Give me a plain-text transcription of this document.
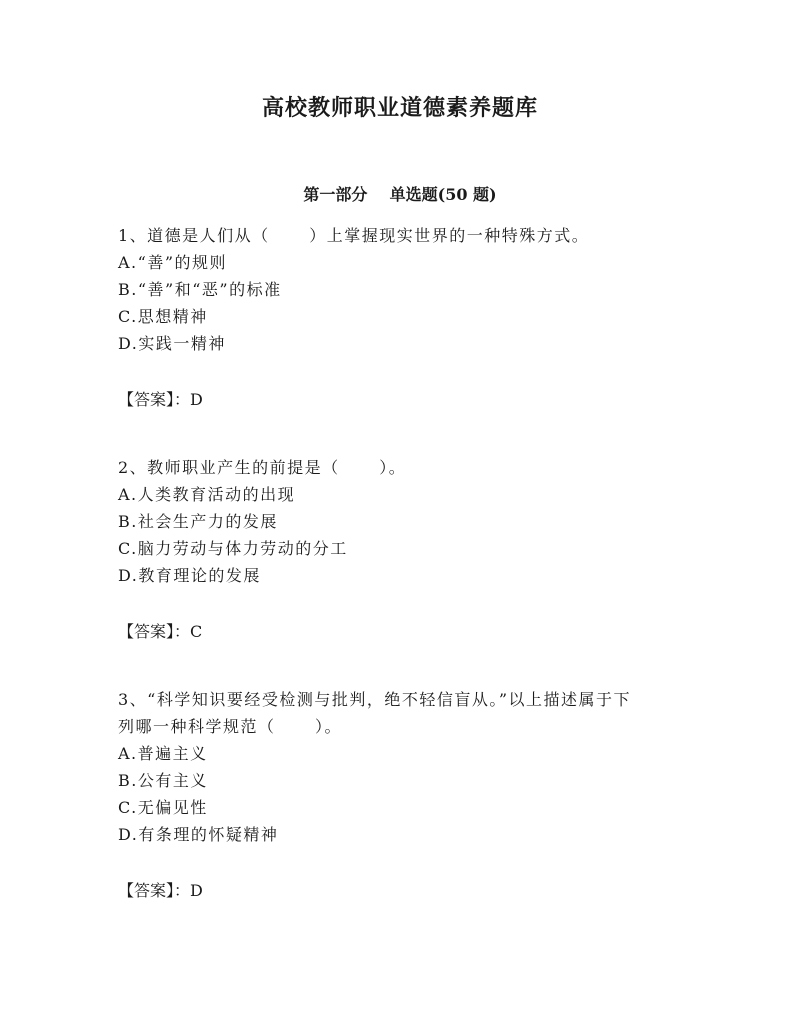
高校教师职业道德素养题库
第一部分    单选题(50 题)
1、道德是人们从（      ）上掌握现实世界的一种特殊方式。
A.“善”的规则
B.“善”和“恶”的标准
C.思想精神
D.实践一精神
【答案】：D
2、教师职业产生的前提是（      ）。
A.人类教育活动的出现
B.社会生产力的发展
C.脑力劳动与体力劳动的分工
D.教育理论的发展
【答案】：C
3、“科学知识要经受检测与批判，绝不轻信盲从。”以上描述属于下
列哪一种科学规范（      ）。
A.普遍主义
B.公有主义
C.无偏见性
D.有条理的怀疑精神
【答案】：D
